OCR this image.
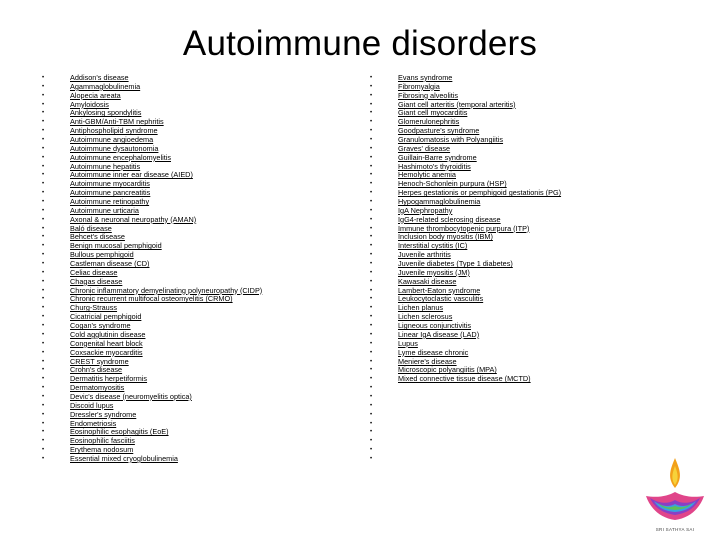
Autoimmune disorders
•	Addison's disease
•	Agammaglobulinemia
•	Alopecia areata
•	Amyloidosis
•	Ankylosing spondylitis
•	Anti-GBM/Anti-TBM nephritis
•	Antiphospholipid syndrome
•	Autoimmune angioedema
•	Autoimmune dysautonomia
•	Autoimmune encephalomyelitis
•	Autoimmune hepatitis
•	Autoimmune inner ear disease (AIED)
•	Autoimmune myocarditis
•	Autoimmune pancreatitis
•	Autoimmune retinopathy
•	Autoimmune urticaria
•	Axonal & neuronal neuropathy (AMAN)
•	Baló disease
•	Behcet's disease
•	Benign mucosal pemphigoid
•	Bullous pemphigoid
•	Castleman disease (CD)
•	Celiac disease
•	Chagas disease
•	Chronic inflammatory demyelinating polyneuropathy (CIDP)
•	Chronic recurrent multifocal osteomyelitis (CRMO)
•	Churg-Strauss
•	Cicatricial pemphigoid
•	Cogan's syndrome
•	Cold agglutinin disease
•	Congenital heart block
•	Coxsackie myocarditis
•	CREST syndrome
•	Crohn's disease
•	Dermatitis herpetiformis
•	Dermatomyositis
•	Devic's disease (neuromyelitis optica)
•	Discoid lupus
•	Dressler's syndrome
•	Endometriosis
•	Eosinophilic esophagitis (EoE)
•	Eosinophilic fasciitis
•	Erythema nodosum
•	Essential mixed cryoglobulinemia
•	Evans syndrome
•	Fibromyalgia
•	Fibrosing alveolitis
•	Giant cell arteritis (temporal arteritis)
•	Giant cell myocarditis
•	Glomerulonephritis
•	Goodpasture's syndrome
•	Granulomatosis with Polyangiitis
•	Graves' disease
•	Guillain-Barre syndrome
•	Hashimoto's thyroiditis
•	Hemolytic anemia
•	Henoch-Schonlein purpura (HSP)
•	Herpes gestationis or pemphigoid gestationis (PG)
•	Hypogammaglobulinemia
•	IgA Nephropathy
•	IgG4-related sclerosing disease
•	Immune thrombocytopenic purpura (ITP)
•	Inclusion body myositis (IBM)
•	Interstitial cystitis (IC)
•	Juvenile arthritis
•	Juvenile diabetes (Type 1 diabetes)
•	Juvenile myositis (JM)
•	Kawasaki disease
•	Lambert-Eaton syndrome
•	Leukocytoclastic vasculitis
•	Lichen planus
•	Lichen sclerosus
•	Ligneous conjunctivitis
•	Linear IgA disease (LAD)
•	Lupus
•	Lyme disease chronic
•	Meniere's disease
•	Microscopic polyangiitis (MPA)
•	Mixed connective tissue disease (MCTD)
•
•
•
•
•
•
•
•
•
SRI SATHYA SAI
